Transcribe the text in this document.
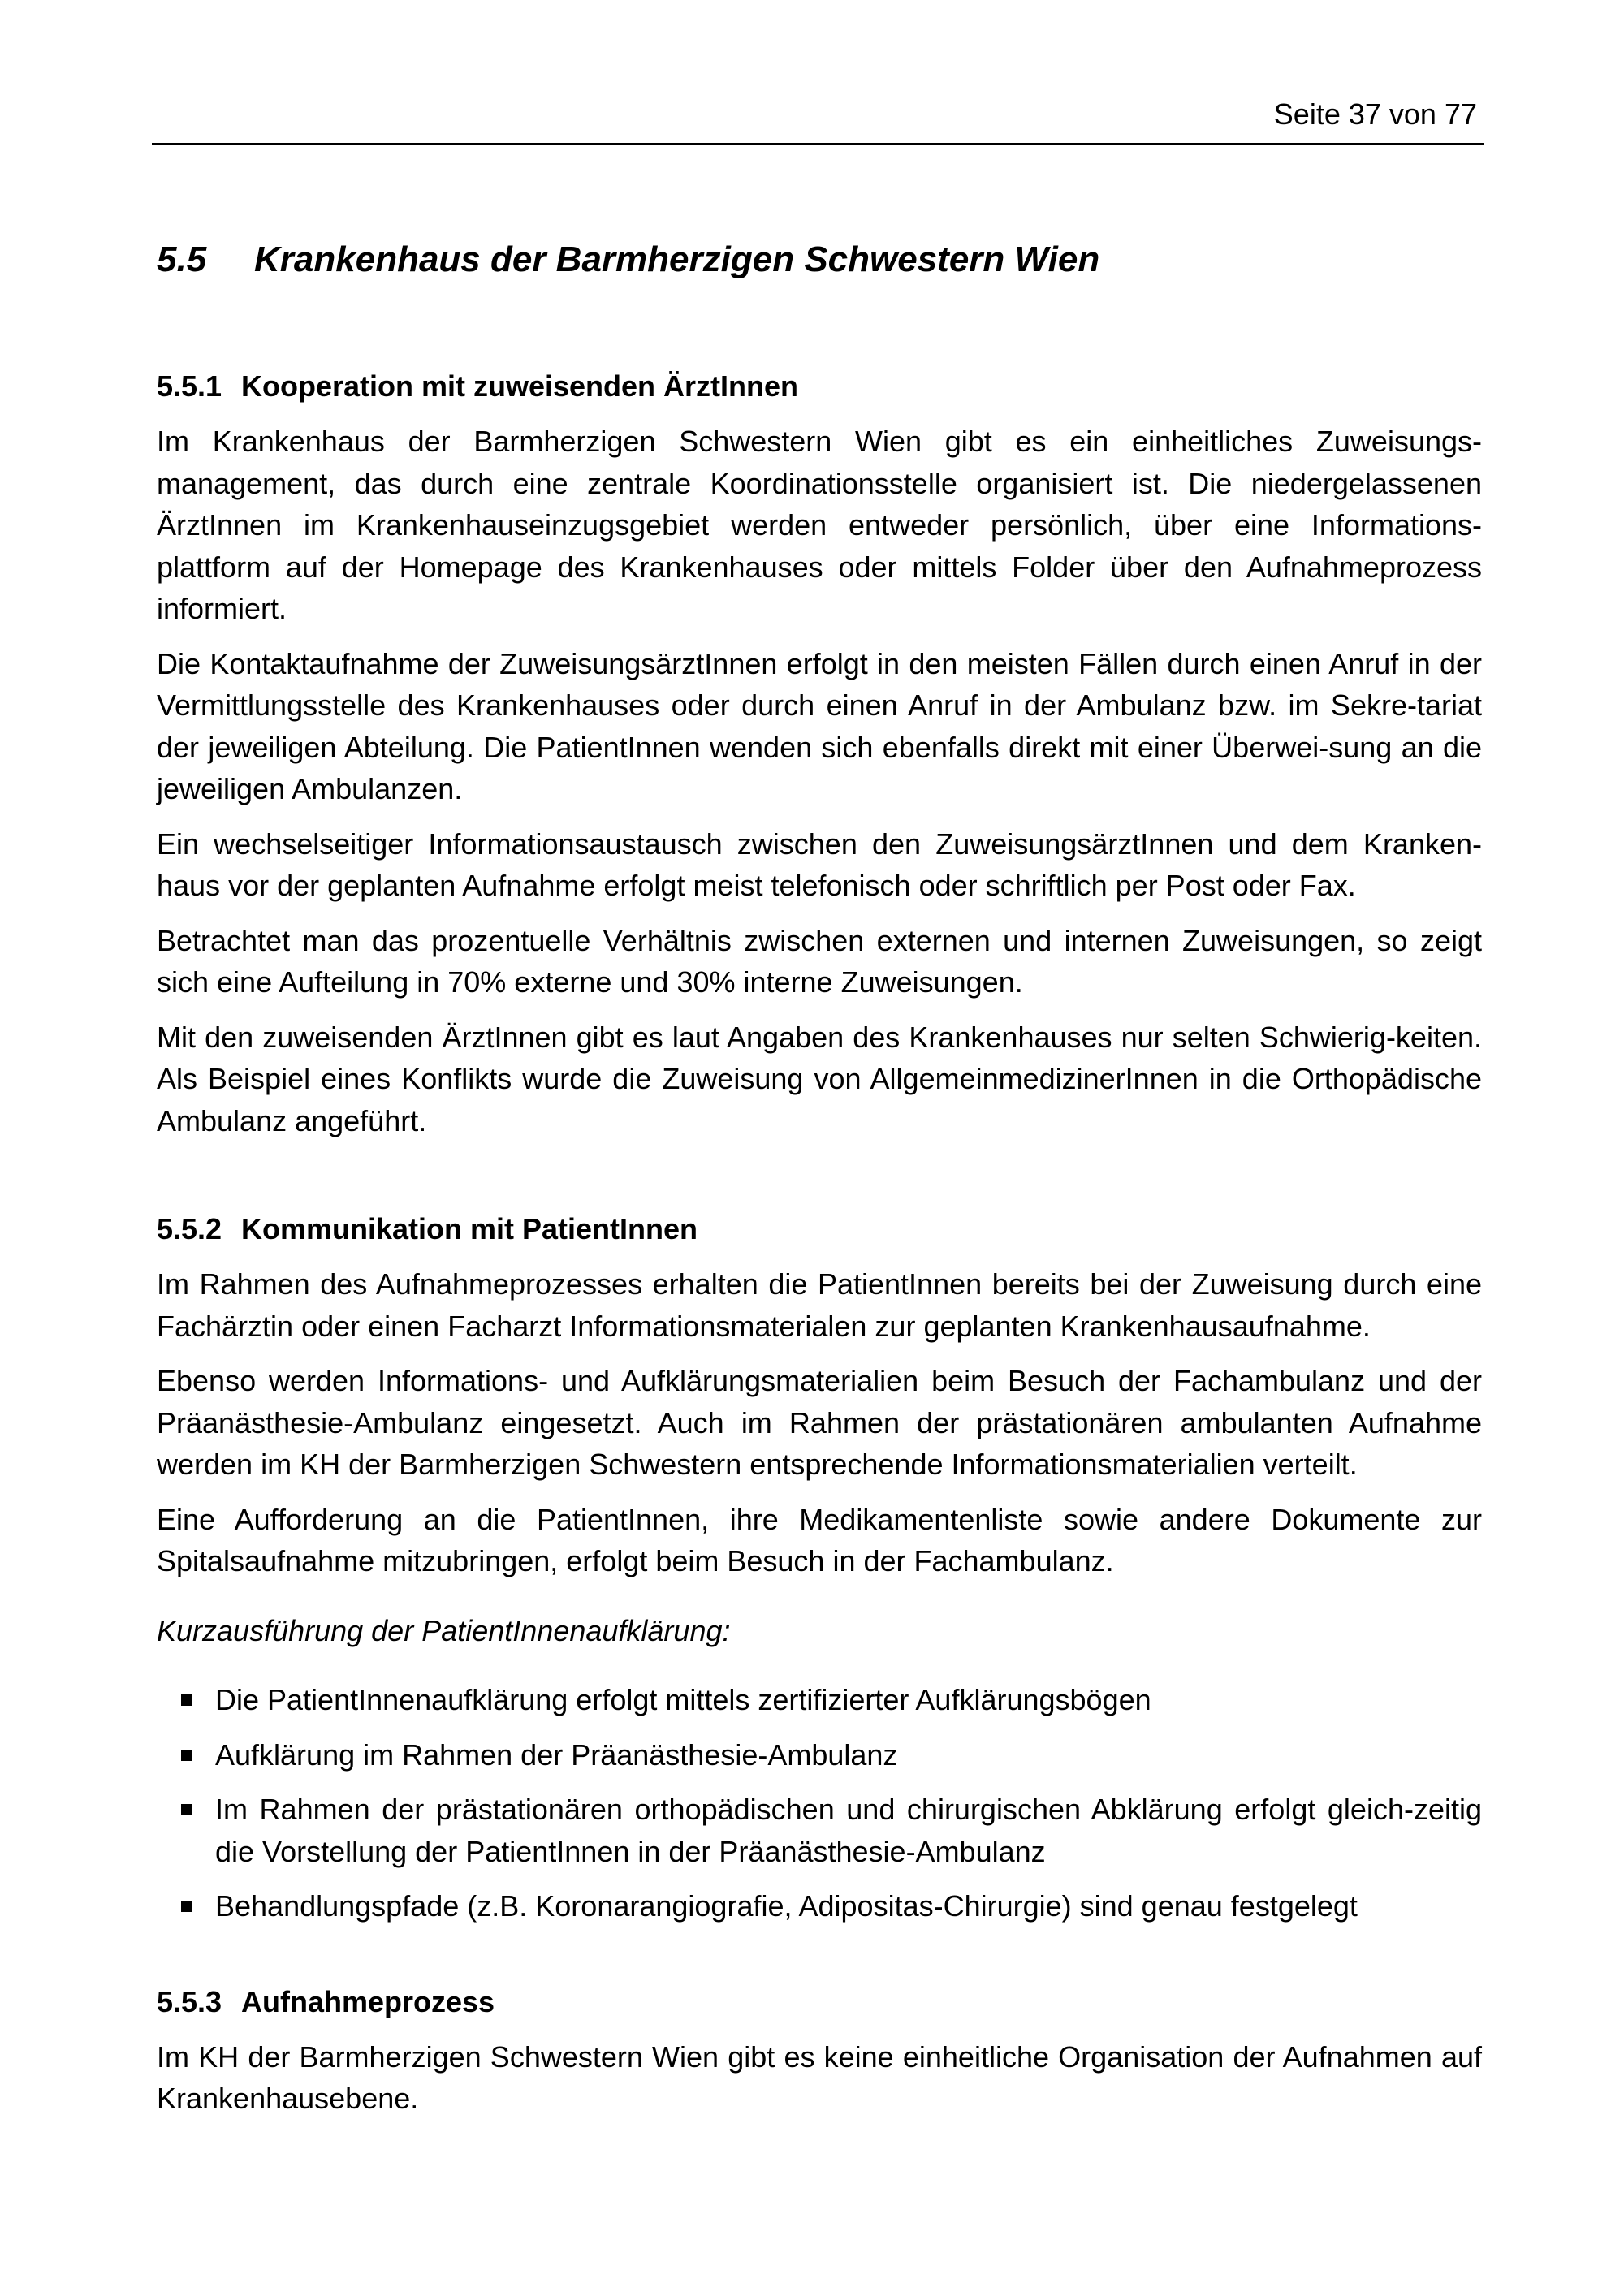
Seite 37 von 77
5.5 Krankenhaus der Barmherzigen Schwestern Wien
5.5.1 Kooperation mit zuweisenden ÄrztInnen

Im Krankenhaus der Barmherzigen Schwestern Wien gibt es ein einheitliches Zuweisungs-management, das durch eine zentrale Koordinationsstelle organisiert ist. Die niedergelassenen ÄrztInnen im Krankenhauseinzugsgebiet werden entweder persönlich, über eine Informations-plattform auf der Homepage des Krankenhauses oder mittels Folder über den Aufnahmeprozess informiert.

Die Kontaktaufnahme der ZuweisungsärztInnen erfolgt in den meisten Fällen durch einen Anruf in der Vermittlungsstelle des Krankenhauses oder durch einen Anruf in der Ambulanz bzw. im Sekre-tariat der jeweiligen Abteilung. Die PatientInnen wenden sich ebenfalls direkt mit einer Überwei-sung an die jeweiligen Ambulanzen.

Ein wechselseitiger Informationsaustausch zwischen den ZuweisungsärztInnen und dem Kranken-haus vor der geplanten Aufnahme erfolgt meist telefonisch oder schriftlich per Post oder Fax.

Betrachtet man das prozentuelle Verhältnis zwischen externen und internen Zuweisungen, so zeigt sich eine Aufteilung in 70% externe und 30% interne Zuweisungen.

Mit den zuweisenden ÄrztInnen gibt es laut Angaben des Krankenhauses nur selten Schwierig-keiten. Als Beispiel eines Konflikts wurde die Zuweisung von AllgemeinmedizinerInnen in die Orthopädische Ambulanz angeführt.

5.5.2 Kommunikation mit PatientInnen

Im Rahmen des Aufnahmeprozesses erhalten die PatientInnen bereits bei der Zuweisung durch eine Fachärztin oder einen Facharzt Informationsmaterialen zur geplanten Krankenhausaufnahme.

Ebenso werden Informations- und Aufklärungsmaterialien beim Besuch der Fachambulanz und der Präanästhesie-Ambulanz eingesetzt. Auch im Rahmen der prästationären ambulanten Aufnahme werden im KH der Barmherzigen Schwestern entsprechende Informationsmaterialien verteilt.

Eine Aufforderung an die PatientInnen, ihre Medikamentenliste sowie andere Dokumente zur Spitalsaufnahme mitzubringen, erfolgt beim Besuch in der Fachambulanz.

Kurzausführung der PatientInnenaufklärung:

Die PatientInnenaufklärung erfolgt mittels zertifizierter Aufklärungsbögen
Aufklärung im Rahmen der Präanästhesie-Ambulanz
Im Rahmen der prästationären orthopädischen und chirurgischen Abklärung erfolgt gleich-zeitig die Vorstellung der PatientInnen in der Präanästhesie-Ambulanz
Behandlungspfade (z.B. Koronarangiografie, Adipositas-Chirurgie) sind genau festgelegt
5.5.3 Aufnahmeprozess

Im KH der Barmherzigen Schwestern Wien gibt es keine einheitliche Organisation der Aufnahmen auf Krankenhausebene.
